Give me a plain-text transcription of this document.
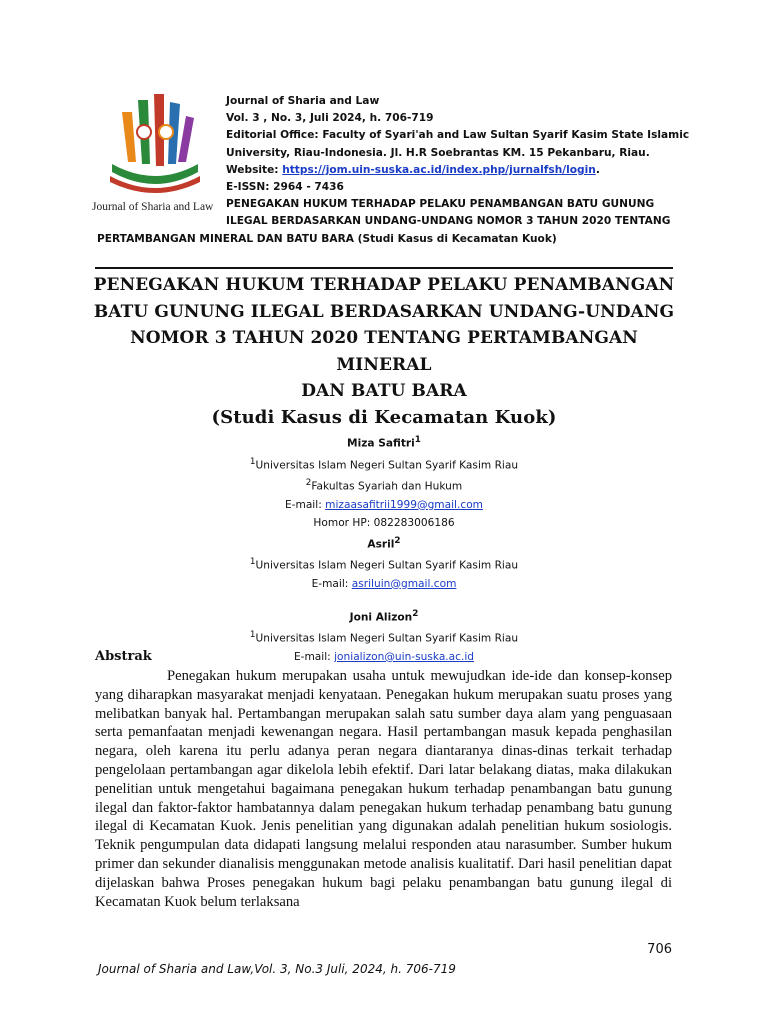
Journal of Sharia and Law
Journal of Sharia and Law
Vol. 3 , No. 3, Juli 2024, h. 706-719
Editorial Office: Faculty of Syari'ah and Law Sultan Syarif Kasim State Islamic
University, Riau-Indonesia. Jl. H.R Soebrantas KM. 15 Pekanbaru, Riau.
Website: https://jom.uin-suska.ac.id/index.php/jurnalfsh/login.
E-ISSN: 2964 - 7436
PENEGAKAN HUKUM TERHADAP PELAKU PENAMBANGAN BATU GUNUNG
ILEGAL BERDASARKAN UNDANG-UNDANG NOMOR 3 TAHUN 2020 TENTANG
PERTAMBANGAN MINERAL DAN BATU BARA (Studi Kasus di Kecamatan Kuok)
PENEGAKAN HUKUM TERHADAP PELAKU PENAMBANGAN
BATU GUNUNG ILEGAL BERDASARKAN UNDANG-UNDANG
NOMOR 3 TAHUN 2020 TENTANG PERTAMBANGAN MINERAL
DAN BATU BARA
(Studi Kasus di Kecamatan Kuok)
Miza Safitri$^1$
$^1$Universitas Islam Negeri Sultan Syarif Kasim Riau
$^2$Fakultas Syariah dan Hukum
E-mail: mizaasafitrii1999@gmail.com
Homor HP: 082283006186
Asril$^2$
$^1$Universitas Islam Negeri Sultan Syarif Kasim Riau
E-mail: asriluin@gmail.com
Joni Alizon$^2$
$^1$Universitas Islam Negeri Sultan Syarif Kasim Riau
E-mail: jonializon@uin-suska.ac.id
Abstrak
Penegakan hukum merupakan usaha untuk mewujudkan ide-ide dan konsep-konsep yang diharapkan masyarakat menjadi kenyataan. Penegakan hukum merupakan suatu proses yang melibatkan banyak hal. Pertambangan merupakan salah satu sumber daya alam yang penguasaan serta pemanfaatan menjadi kewenangan negara. Hasil pertambangan masuk kepada penghasilan negara, oleh karena itu perlu adanya peran negara diantaranya dinas-dinas terkait terhadap pengelolaan pertambangan agar dikelola lebih efektif. Dari latar belakang diatas, maka dilakukan penelitian untuk mengetahui bagaimana penegakan hukum terhadap penambangan batu gunung ilegal dan faktor-faktor hambatannya dalam penegakan hukum terhadap penambang batu gunung ilegal di Kecamatan Kuok. Jenis penelitian yang digunakan adalah penelitian hukum sosiologis. Teknik pengumpulan data didapati langsung melalui responden atau narasumber. Sumber hukum primer dan sekunder dianalisis menggunakan metode analisis kualitatif. Dari hasil penelitian dapat dijelaskan bahwa Proses penegakan hukum bagi pelaku penambangan batu gunung ilegal di Kecamatan Kuok belum terlaksana
706
Journal of Sharia and Law,Vol. 3, No.3 Juli, 2024, h. 706-719
